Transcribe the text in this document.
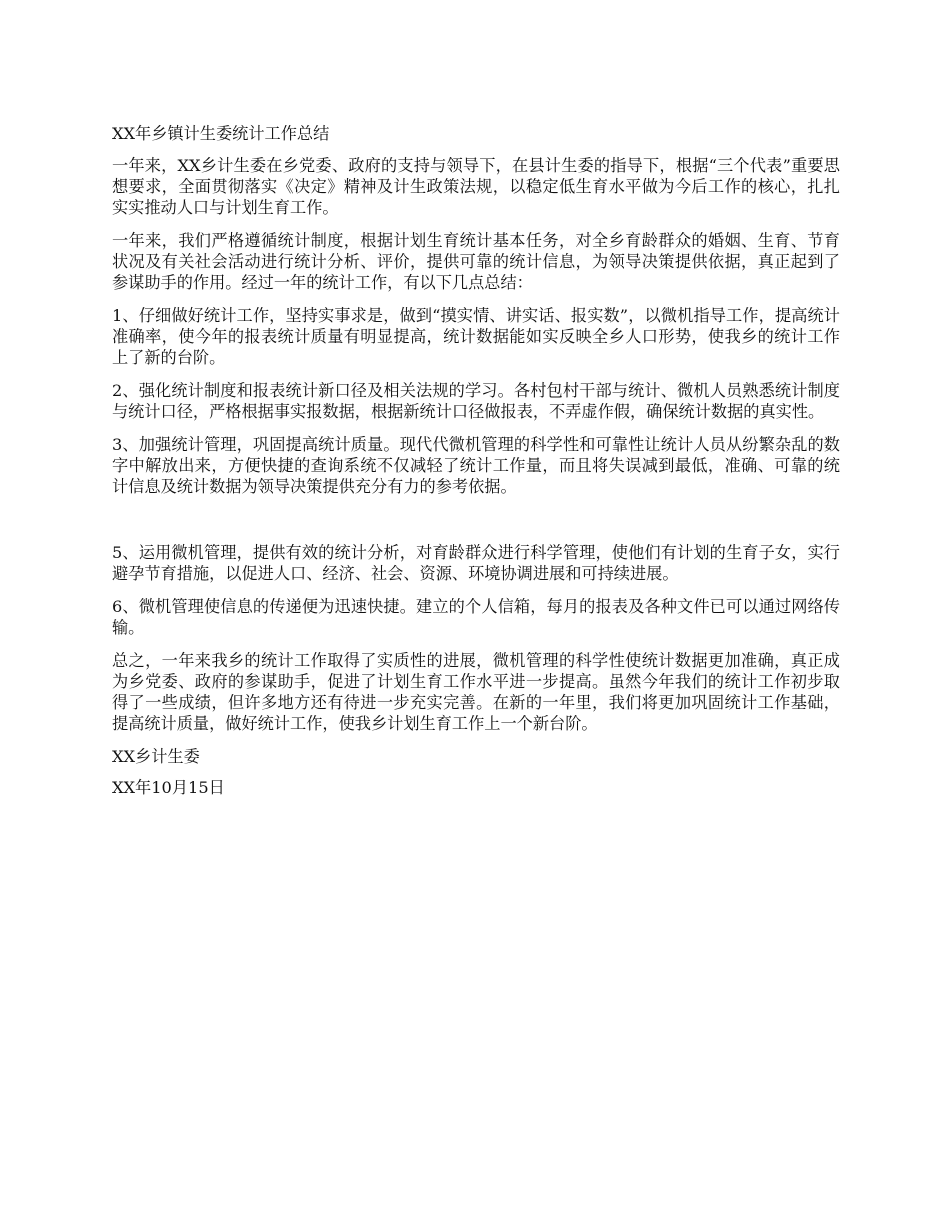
XX年乡镇计生委统计工作总结

一年来，XX乡计生委在乡党委、政府的支持与领导下，在县计生委的指导下，根据“三个代表”重要思想要求，全面贯彻落实《决定》精神及计生政策法规，以稳定低生育水平做为今后工作的核心，扎扎实实推动人口与计划生育工作。

一年来，我们严格遵循统计制度，根据计划生育统计基本任务，对全乡育龄群众的婚姻、生育、节育状况及有关社会活动进行统计分析、评价，提供可靠的统计信息，为领导决策提供依据，真正起到了参谋助手的作用。经过一年的统计工作，有以下几点总结：

1、仔细做好统计工作，坚持实事求是，做到“摸实情、讲实话、报实数”，以微机指导工作，提高统计准确率，使今年的报表统计质量有明显提高，统计数据能如实反映全乡人口形势，使我乡的统计工作上了新的台阶。

2、强化统计制度和报表统计新口径及相关法规的学习。各村包村干部与统计、微机人员熟悉统计制度与统计口径，严格根据事实报数据，根据新统计口径做报表，不弄虚作假，确保统计数据的真实性。

3、加强统计管理，巩固提高统计质量。现代代微机管理的科学性和可靠性让统计人员从纷繁杂乱的数字中解放出来，方便快捷的查询系统不仅减轻了统计工作量，而且将失误减到最低，准确、可靠的统计信息及统计数据为领导决策提供充分有力的参考依据。

5、运用微机管理，提供有效的统计分析，对育龄群众进行科学管理，使他们有计划的生育子女，实行避孕节育措施，以促进人口、经济、社会、资源、环境协调进展和可持续进展。

6、微机管理使信息的传递便为迅速快捷。建立的个人信箱，每月的报表及各种文件已可以通过网络传输。

总之，一年来我乡的统计工作取得了实质性的进展，微机管理的科学性使统计数据更加准确，真正成为乡党委、政府的参谋助手，促进了计划生育工作水平进一步提高。虽然今年我们的统计工作初步取得了一些成绩，但许多地方还有待进一步充实完善。在新的一年里，我们将更加巩固统计工作基础，提高统计质量，做好统计工作，使我乡计划生育工作上一个新台阶。

XX乡计生委

XX年10月15日
